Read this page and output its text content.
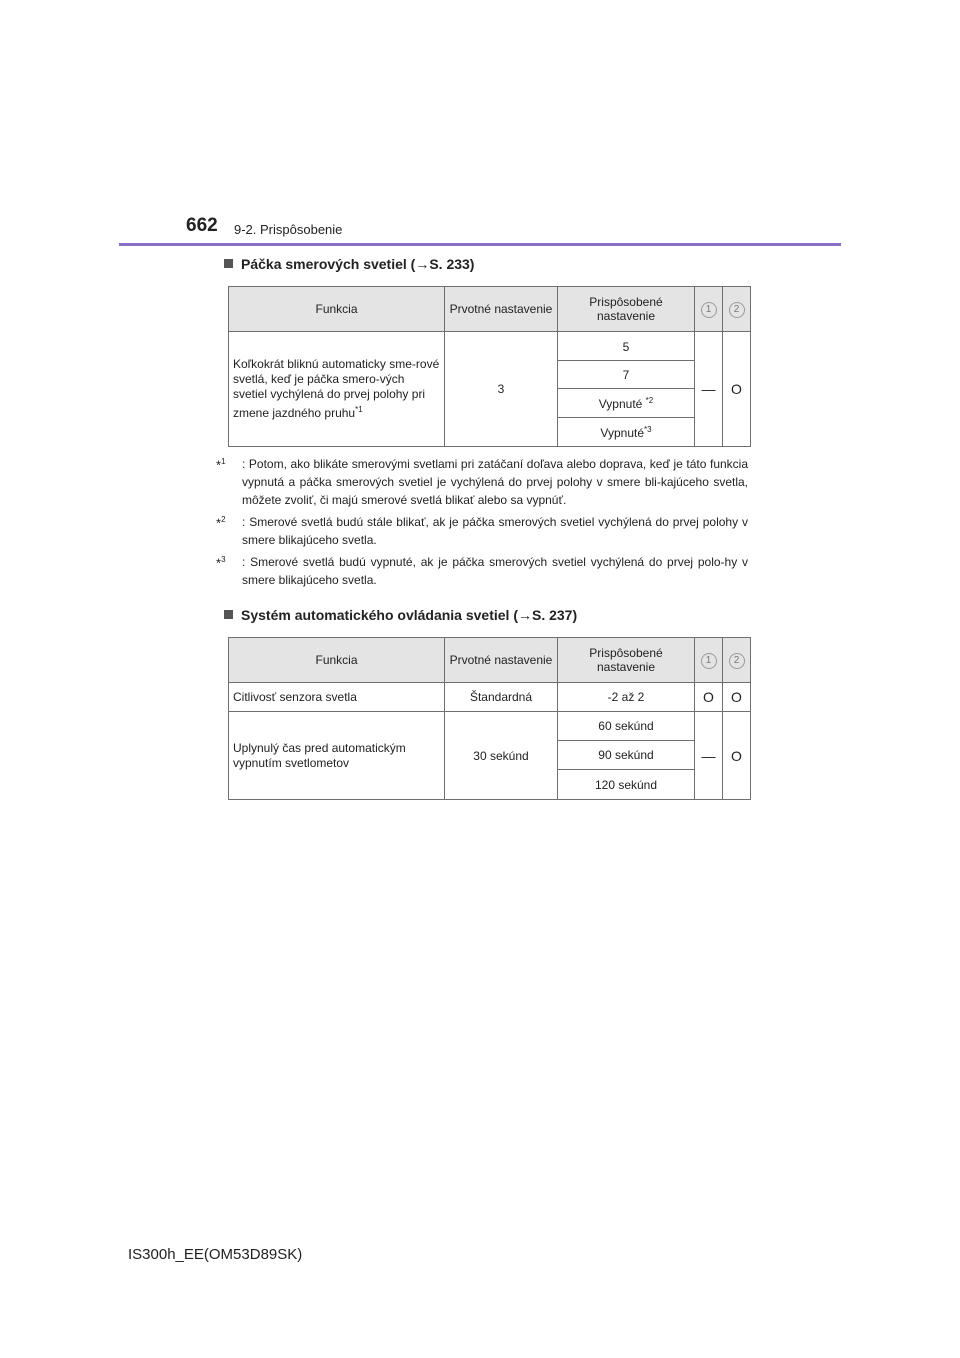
662 9-2. Prispôsobenie
Páčka smerových svetiel (→S. 233)
Funkcia	Prvotné nastavenie	Prispôsobené nastavenie	1	2
Koľkokrát bliknú automaticky sme-rové svetlá, keď je páčka smero-vých svetiel vychýlená do prvej polohy pri zmene jazdného pruhu$^{*1}$	3	5	—	O
		7		
		Vypnuté $^{*2}$
		Vypnuté$^{*3}$
*$^1$ : Potom, ako blikáte smerovými svetlami pri zatáčaní doľava alebo doprava, keď je táto funkcia vypnutá a páčka smerových svetiel je vychýlená do prvej polohy v smere bli-kajúceho svetla, môžete zvoliť, či majú smerové svetlá blikať alebo sa vypnúť.
*$^2$ : Smerové svetlá budú stále blikať, ak je páčka smerových svetiel vychýlená do prvej polohy v smere blikajúceho svetla.
*$^3$ : Smerové svetlá budú vypnuté, ak je páčka smerových svetiel vychýlená do prvej polo-hy v smere blikajúceho svetla.
Systém automatického ovládania svetiel (→S. 237)
Funkcia	Prvotné nastavenie	Prispôsobené nastavenie	1	2
Citlivosť senzora svetla	Štandardná	-2 až 2	O	O
Uplynulý čas pred automatickým vypnutím svetlometov	30 sekúnd	60 sekúnd	—	O
		90 sekúnd		
		120 sekúnd		
IS300h_EE(OM53D89SK)
